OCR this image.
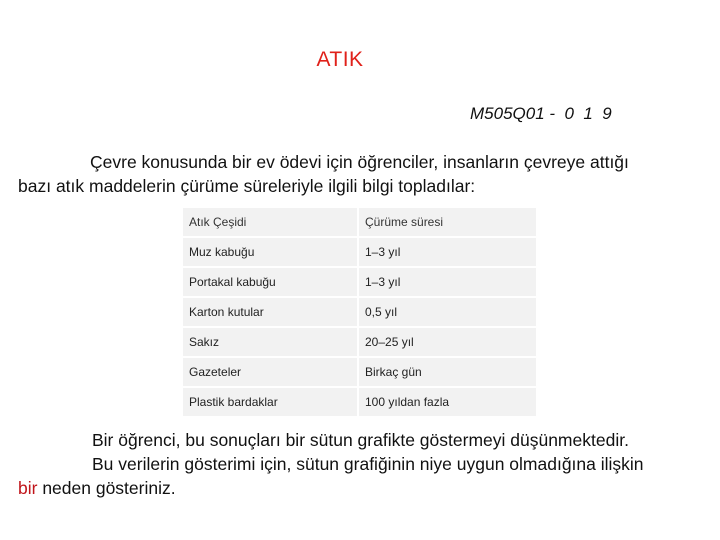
ATIK
M505Q01 -  0  1  9
Çevre konusunda bir ev ödevi için öğrenciler, insanların çevreye attığı
bazı atık maddelerin çürüme süreleriyle ilgili bilgi topladılar:
Atık Çeşidi	Çürüme süresi
Muz kabuğu	1–3 yıl
Portakal kabuğu	1–3 yıl
Karton kutular	0,5 yıl
Sakız	20–25 yıl
Gazeteler	Birkaç gün
Plastik bardaklar	100 yıldan fazla
Bir öğrenci, bu sonuçları bir sütun grafikte göstermeyi düşünmektedir.
Bu verilerin gösterimi için, sütun grafiğinin niye uygun olmadığına ilişkin
bir neden gösteriniz.
